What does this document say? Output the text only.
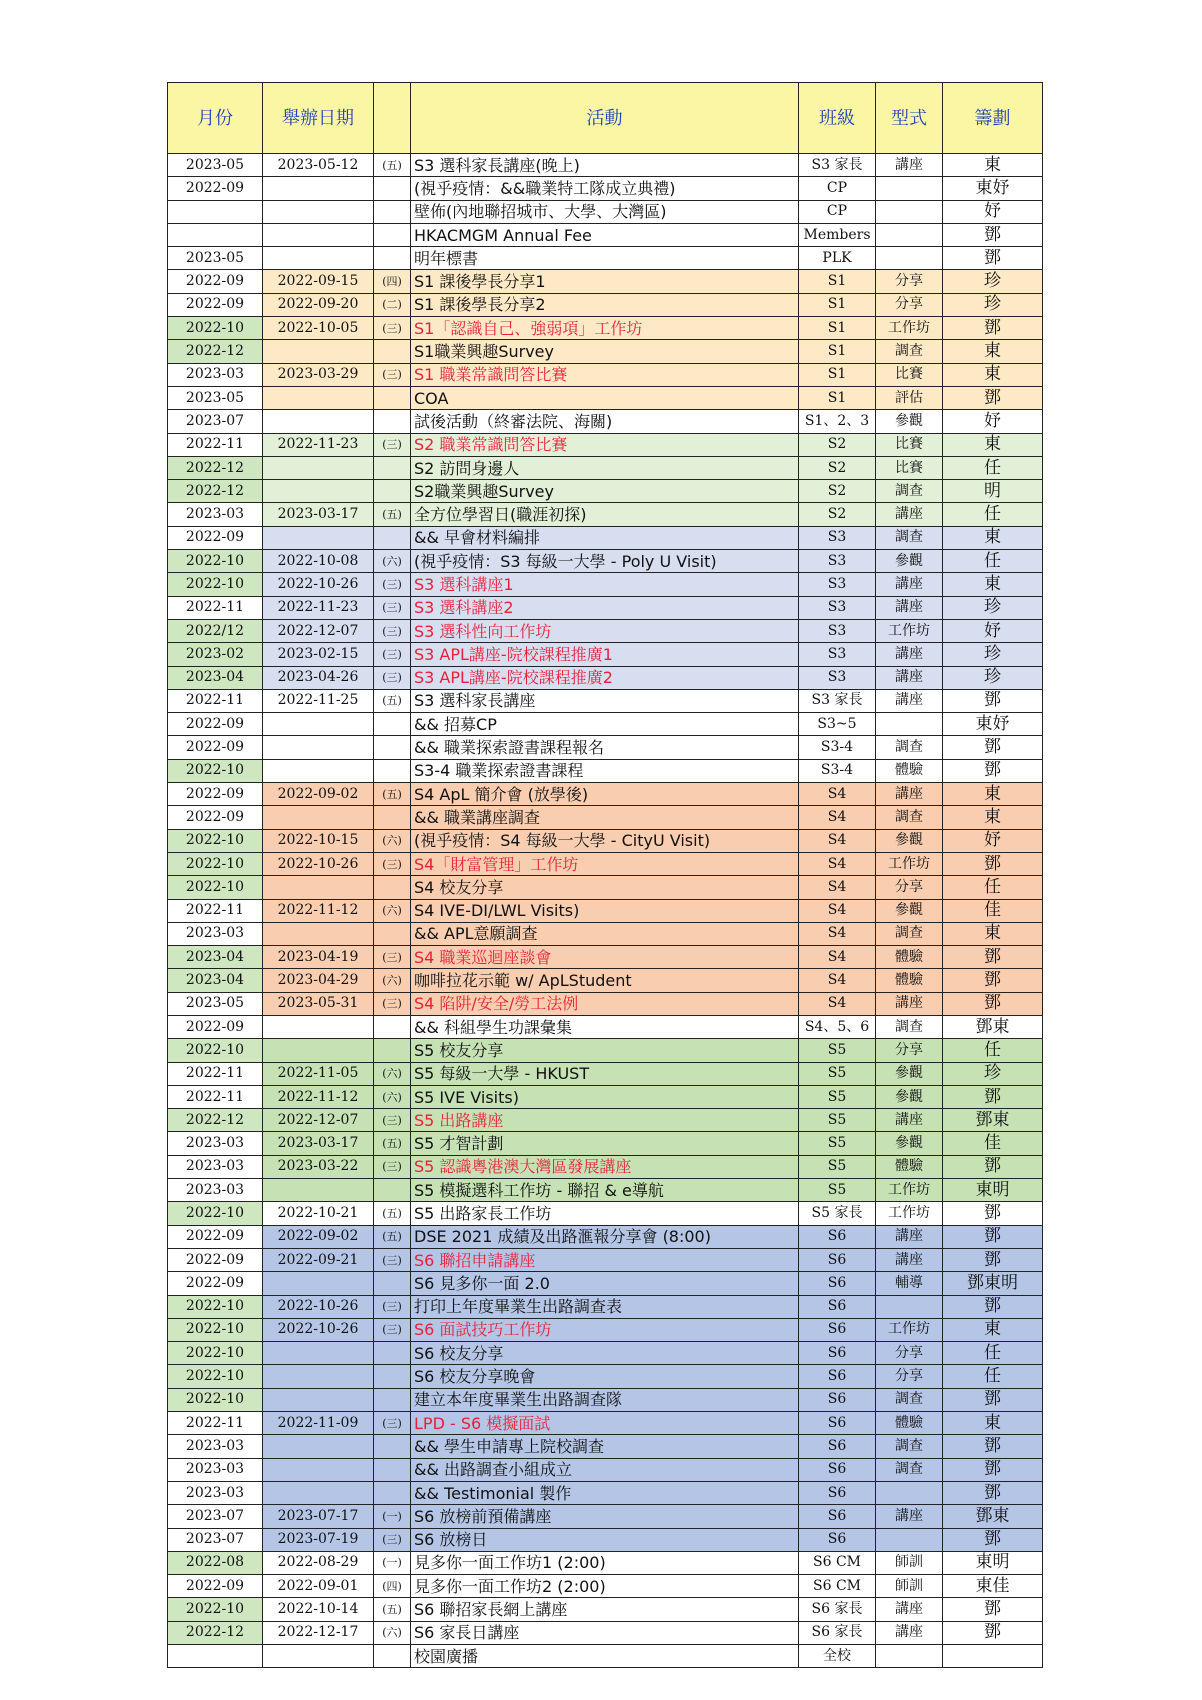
月份	舉辦日期		活動	班級	型式	籌劃
2023-05	2023-05-12	(五)	S3 選科家長講座(晚上)	S3 家長	講座	東
2022-09			(視乎疫情：&&職業特工隊成立典禮)	CP		東妤
			壁佈(內地聯招城市、大學、大灣區)	CP		妤
			HKACMGM Annual Fee	Members		鄧
2023-05			明年標書	PLK		鄧
2022-09	2022-09-15	(四)	S1 課後學長分享1	S1	分享	珍
2022-09	2022-09-20	(二)	S1 課後學長分享2	S1	分享	珍
2022-10	2022-10-05	(三)	S1「認識自己、強弱項」工作坊	S1	工作坊	鄧
2022-12			S1職業興趣Survey	S1	調查	東
2023-03	2023-03-29	(三)	S1 職業常識問答比賽	S1	比賽	東
2023-05			COA	S1	評估	鄧
2023-07			試後活動（終審法院、海關)	S1、2、3	參觀	妤
2022-11	2022-11-23	(三)	S2 職業常識問答比賽	S2	比賽	東
2022-12			S2 訪問身邊人	S2	比賽	任
2022-12			S2職業興趣Survey	S2	調查	明
2023-03	2023-03-17	(五)	全方位學習日(職涯初探)	S2	講座	任
2022-09			&& 早會材料編排	S3	調查	東
2022-10	2022-10-08	(六)	(視乎疫情：S3 每級一大學 - Poly U Visit)	S3	參觀	任
2022-10	2022-10-26	(三)	S3 選科講座1	S3	講座	東
2022-11	2022-11-23	(三)	S3 選科講座2	S3	講座	珍
2022/12	2022-12-07	(三)	S3 選科性向工作坊	S3	工作坊	妤
2023-02	2023-02-15	(三)	S3 APL講座-院校課程推廣1	S3	講座	珍
2023-04	2023-04-26	(三)	S3 APL講座-院校課程推廣2	S3	講座	珍
2022-11	2022-11-25	(五)	S3 選科家長講座	S3 家長	講座	鄧
2022-09			&& 招募CP	S3~5		東妤
2022-09			&& 職業探索證書課程報名	S3-4	調查	鄧
2022-10			S3-4 職業探索證書課程	S3-4	體驗	鄧
2022-09	2022-09-02	(五)	S4 ApL 簡介會 (放學後)	S4	講座	東
2022-09			&& 職業講座調查	S4	調查	東
2022-10	2022-10-15	(六)	(視乎疫情：S4 每級一大學 - CityU Visit)	S4	參觀	妤
2022-10	2022-10-26	(三)	S4「財富管理」工作坊	S4	工作坊	鄧
2022-10			S4 校友分享	S4	分享	任
2022-11	2022-11-12	(六)	S4 IVE-DI/LWL Visits)	S4	參觀	佳
2023-03			&& APL意願調查	S4	調查	東
2023-04	2023-04-19	(三)	S4 職業巡迴座談會	S4	體驗	鄧
2023-04	2023-04-29	(六)	咖啡拉花示範 w/ ApLStudent	S4	體驗	鄧
2023-05	2023-05-31	(三)	S4 陷阱/安全/勞工法例	S4	講座	鄧
2022-09			&& 科組學生功課彙集	S4、5、6	調查	鄧東
2022-10			S5 校友分享	S5	分享	任
2022-11	2022-11-05	(六)	S5 每級一大學 - HKUST	S5	參觀	珍
2022-11	2022-11-12	(六)	S5 IVE Visits)	S5	參觀	鄧
2022-12	2022-12-07	(三)	S5 出路講座	S5	講座	鄧東
2023-03	2023-03-17	(五)	S5 才智計劃	S5	參觀	佳
2023-03	2023-03-22	(三)	S5 認識粵港澳大灣區發展講座	S5	體驗	鄧
2023-03			S5 模擬選科工作坊 - 聯招 & e導航	S5	工作坊	東明
2022-10	2022-10-21	(五)	S5 出路家長工作坊	S5 家長	工作坊	鄧
2022-09	2022-09-02	(五)	DSE 2021 成績及出路滙報分享會 (8:00)	S6	講座	鄧
2022-09	2022-09-21	(三)	S6 聯招申請講座	S6	講座	鄧
2022-09			S6 見多你一面 2.0	S6	輔導	鄧東明
2022-10	2022-10-26	(三)	打印上年度畢業生出路調查表	S6		鄧
2022-10	2022-10-26	(三)	S6 面試技巧工作坊	S6	工作坊	東
2022-10			S6 校友分享	S6	分享	任
2022-10			S6 校友分享晚會	S6	分享	任
2022-10			建立本年度畢業生出路調查隊	S6	調查	鄧
2022-11	2022-11-09	(三)	LPD - S6 模擬面試	S6	體驗	東
2023-03			&& 學生申請專上院校調查	S6	調查	鄧
2023-03			&& 出路調查小組成立	S6	調查	鄧
2023-03			&& Testimonial 製作	S6		鄧
2023-07	2023-07-17	(一)	S6 放榜前預備講座	S6	講座	鄧東
2023-07	2023-07-19	(三)	S6 放榜日	S6		鄧
2022-08	2022-08-29	(一)	見多你一面工作坊1 (2:00)	S6 CM	師訓	東明
2022-09	2022-09-01	(四)	見多你一面工作坊2 (2:00)	S6 CM	師訓	東佳
2022-10	2022-10-14	(五)	S6 聯招家長網上講座	S6 家長	講座	鄧
2022-12	2022-12-17	(六)	S6 家長日講座	S6 家長	講座	鄧
			校園廣播	全校		
